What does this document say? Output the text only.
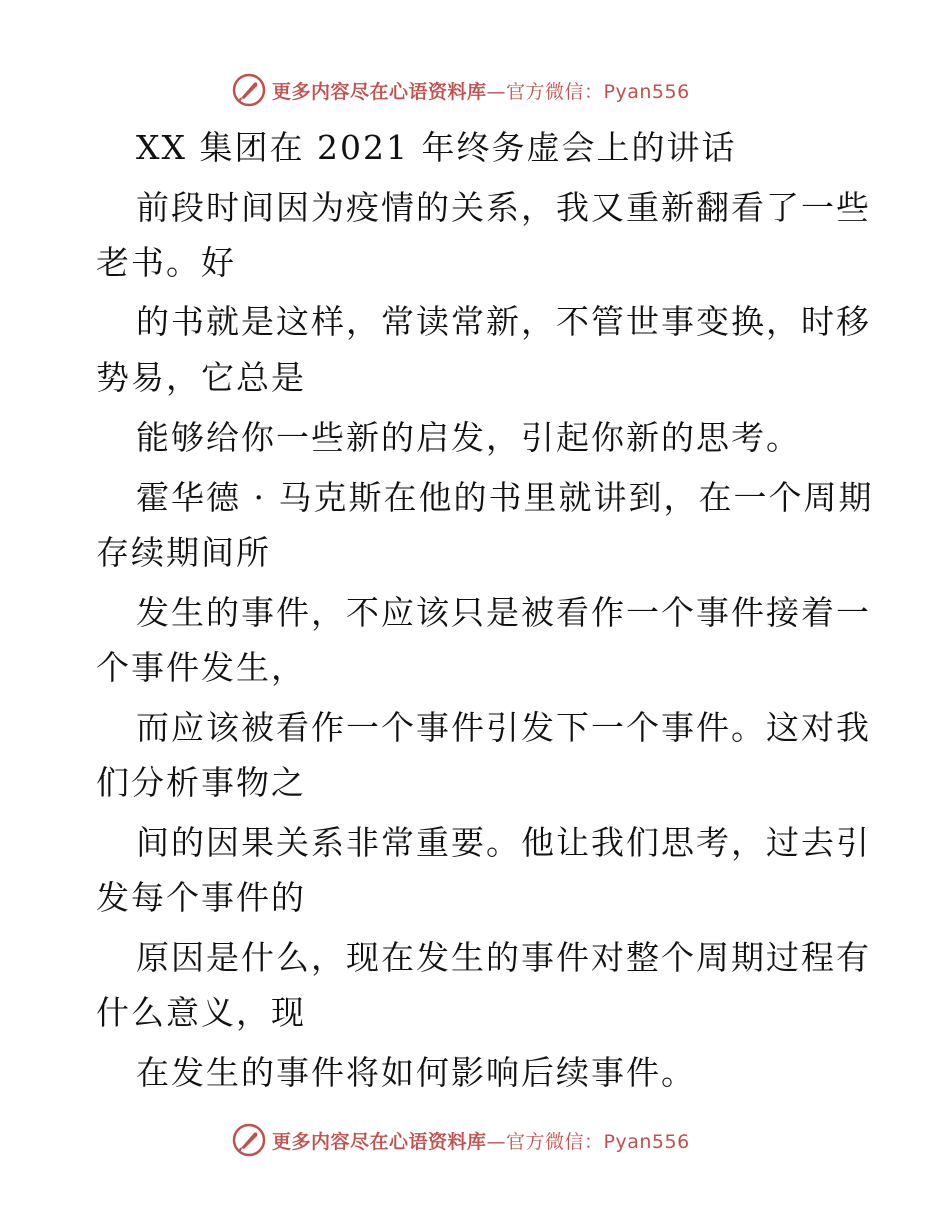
更多内容尽在心语资料库—官方微信：Pyan556
XX 集团在 2021 年终务虚会上的讲话
前段时间因为疫情的关系，我又重新翻看了一些
老书。好
的书就是这样，常读常新，不管世事变换，时移
势易，它总是
能够给你一些新的启发，引起你新的思考。
霍华德 · 马克斯在他的书里就讲到，在一个周期
存续期间所
发生的事件，不应该只是被看作一个事件接着一
个事件发生，
而应该被看作一个事件引发下一个事件。这对我
们分析事物之
间的因果关系非常重要。他让我们思考，过去引
发每个事件的
原因是什么，现在发生的事件对整个周期过程有
什么意义，现
在发生的事件将如何影响后续事件。
更多内容尽在心语资料库—官方微信：Pyan556
